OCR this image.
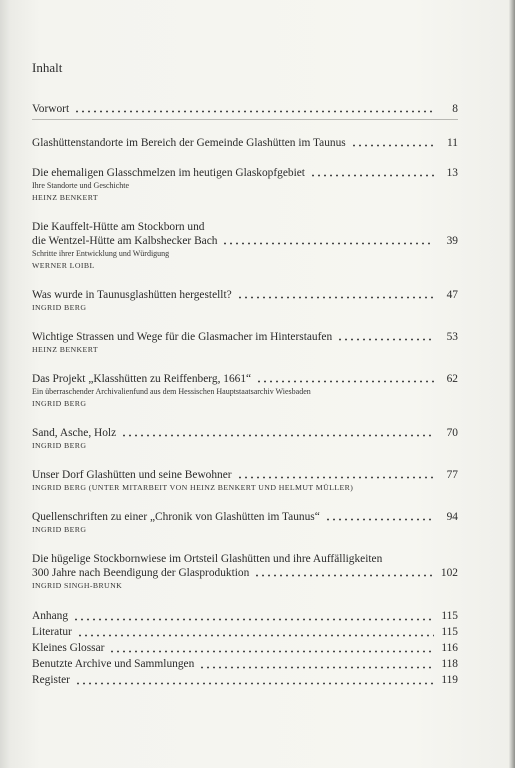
Inhalt
Vorwort	8
Glashüttenstandorte im Bereich der Gemeinde Glashütten im Taunus	11
Die ehemaligen Glasschmelzen im heutigen Glaskopfgebiet	13
Ihre Standorte und Geschichte
HEINZ BENKERT
Die Kauffelt-Hütte am Stockborn und
die Wentzel-Hütte am Kalbshecker Bach	39
Schritte ihrer Entwicklung und Würdigung
WERNER LOIBL
Was wurde in Taunusglashütten hergestellt?	47
INGRID BERG
Wichtige Strassen und Wege für die Glasmacher im Hinterstaufen	53
HEINZ BENKERT
Das Projekt „Klasshütten zu Reiffenberg, 1661“	62
Ein überraschender Archivalienfund aus dem Hessischen Hauptstaatsarchiv Wiesbaden
INGRID BERG
Sand, Asche, Holz	70
INGRID BERG
Unser Dorf Glashütten und seine Bewohner	77
INGRID BERG (UNTER MITARBEIT VON HEINZ BENKERT UND HELMUT MÜLLER)
Quellenschriften zu einer „Chronik von Glashütten im Taunus“	94
INGRID BERG
Die hügelige Stockbornwiese im Ortsteil Glashütten und ihre Auffälligkeiten
300 Jahre nach Beendigung der Glasproduktion	102
INGRID SINGH-BRUNK
Anhang	115
Literatur	115
Kleines Glossar	116
Benutzte Archive und Sammlungen	118
Register	119
